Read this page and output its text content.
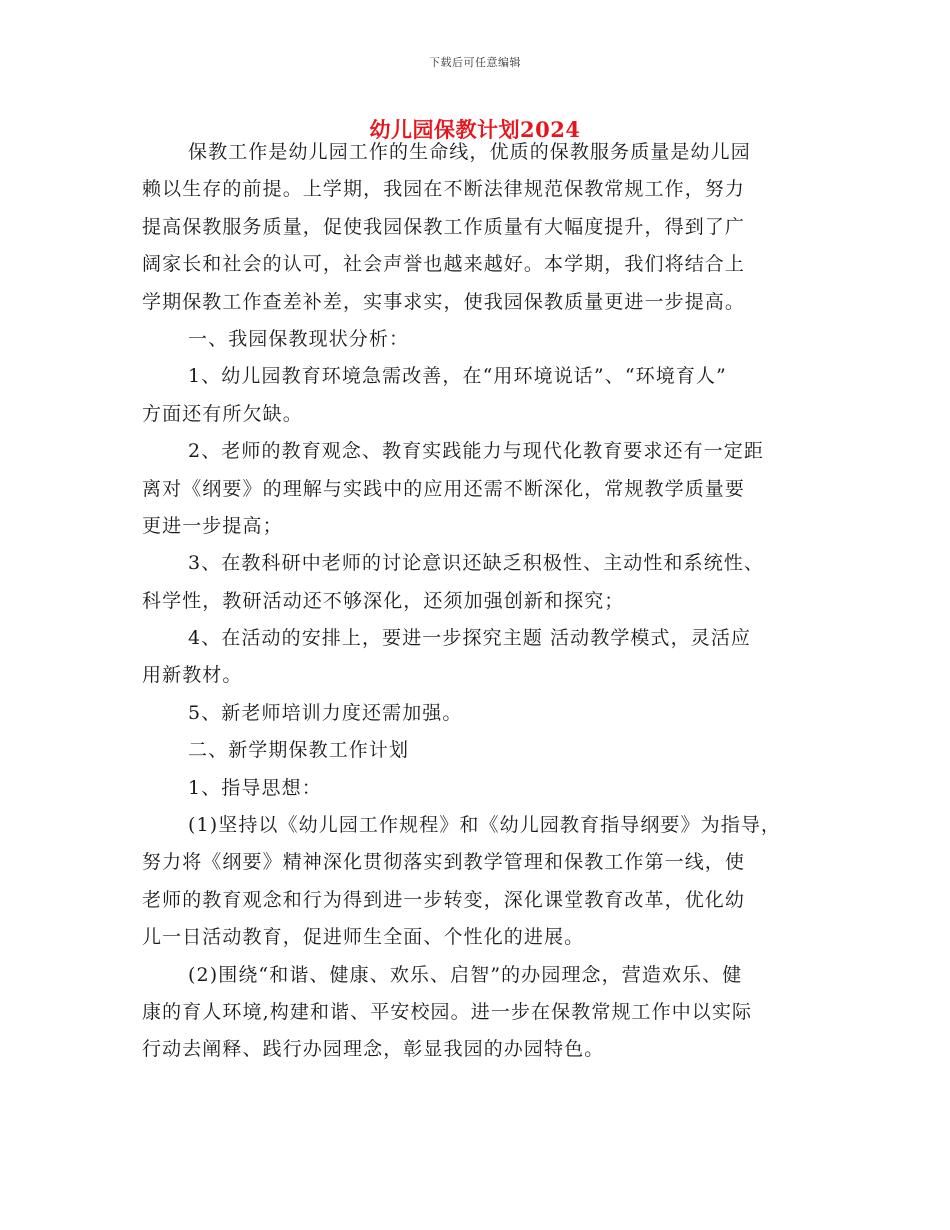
下载后可任意编辑
幼儿园保教计划2024
保教工作是幼儿园工作的生命线，优质的保教服务质量是幼儿园
赖以生存的前提。上学期，我园在不断法律规范保教常规工作，努力
提高保教服务质量，促使我园保教工作质量有大幅度提升，得到了广
阔家长和社会的认可，社会声誉也越来越好。本学期，我们将结合上
学期保教工作查差补差，实事求实，使我园保教质量更进一步提高。
一、我园保教现状分析：
1、幼儿园教育环境急需改善，在“用环境说话”、“环境育人”
方面还有所欠缺。
2、老师的教育观念、教育实践能力与现代化教育要求还有一定距
离对《纲要》的理解与实践中的应用还需不断深化，常规教学质量要
更进一步提高；
3、在教科研中老师的讨论意识还缺乏积极性、主动性和系统性、
科学性，教研活动还不够深化，还须加强创新和探究；
4、在活动的安排上，要进一步探究主题 活动教学模式，灵活应
用新教材。
5、新老师培训力度还需加强。
二、新学期保教工作计划
1、指导思想：
(1)坚持以《幼儿园工作规程》和《幼儿园教育指导纲要》为指导，
努力将《纲要》精神深化贯彻落实到教学管理和保教工作第一线，使
老师的教育观念和行为得到进一步转变，深化课堂教育改革，优化幼
儿一日活动教育，促进师生全面、个性化的进展。
(2)围绕“和谐、健康、欢乐、启智”的办园理念，营造欢乐、健
康的育人环境,构建和谐、平安校园。进一步在保教常规工作中以实际
行动去阐释、践行办园理念，彰显我园的办园特色。
